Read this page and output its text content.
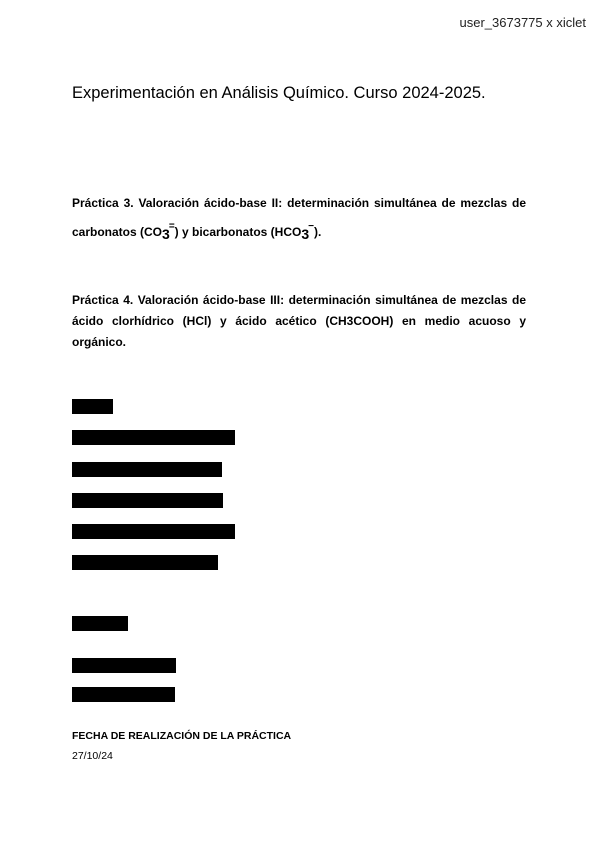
user_3673775 x xiclet
Experimentación en Análisis Químico. Curso 2024-2025.

Práctica 3. Valoración ácido-base II: determinación simultánea de mezclas de carbonatos $(CO_3^=)$ y bicarbonatos $(HCO_3^-)$.

Práctica 4. Valoración ácido-base III: determinación simultánea de mezclas de ácido clorhídrico (HCl) y ácido acético (CH3COOH) en medio acuoso y orgánico.

FECHA DE REALIZACIÓN DE LA PRÁCTICA

27/10/24
